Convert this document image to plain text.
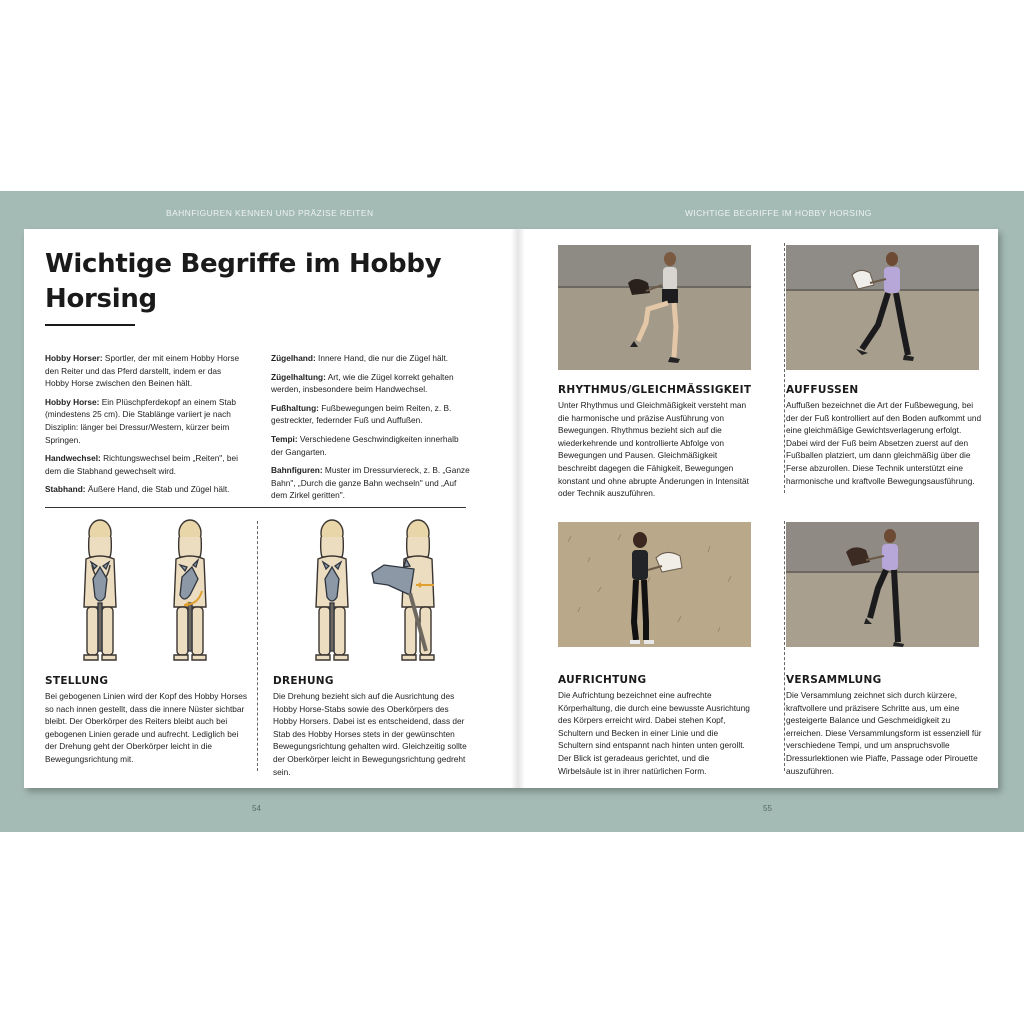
BAHNFIGUREN KENNEN UND PRÄZISE REITEN	WICHTIGE BEGRIFFE IM HOBBY HORSING
54	55
Wichtige Begriffe im Hobby Horsing

Hobby Horser: Sportler, der mit einem Hobby Horse den Reiter und das Pferd darstellt, indem er das Hobby Horse zwischen den Beinen hält.

Hobby Horse: Ein Plüschpferdekopf an einem Stab (mindestens 25 cm). Die Stablänge variiert je nach Disziplin: länger bei Dressur/Western, kürzer beim Springen.

Handwechsel: Richtungswechsel beim „Reiten", bei dem die Stabhand gewechselt wird.

Stabhand: Äußere Hand, die Stab und Zügel hält.

Zügelhand: Innere Hand, die nur die Zügel hält.

Zügelhaltung: Art, wie die Zügel korrekt gehalten werden, insbesondere beim Handwechsel.

Fußhaltung: Fußbewegungen beim Reiten, z. B. gestreckter, federnder Fuß und Auffußen.

Tempi: Verschiedene Geschwindigkeiten innerhalb der Gangarten.

Bahnfiguren: Muster im Dressurviereck, z. B. „Ganze Bahn", „Durch die ganze Bahn wechseln" und „Auf dem Zirkel geritten".

STELLUNG

Bei gebogenen Linien wird der Kopf des Hobby Horses so nach innen gestellt, dass die innere Nüster sichtbar bleibt. Der Oberkörper des Reiters bleibt auch bei gebogenen Linien gerade und aufrecht. Lediglich bei der Drehung geht der Oberkörper leicht in die Bewegungsrichtung mit.

DREHUNG

Die Drehung bezieht sich auf die Ausrichtung des Hobby Horse-Stabs sowie des Oberkörpers des Hobby Horsers. Dabei ist es entscheidend, dass der Stab des Hobby Horses stets in der gewünschten Bewegungsrichtung gehalten wird. Gleichzeitig sollte der Oberkörper leicht in Bewegungsrichtung gedreht sein.

RHYTHMUS/GLEICHMÄSSIGKEIT

Unter Rhythmus und Gleichmäßigkeit versteht man die harmonische und präzise Ausführung von Bewegungen. Rhythmus bezieht sich auf die wiederkehrende und kontrollierte Abfolge von Bewegungen und Pausen. Gleichmäßigkeit beschreibt dagegen die Fähigkeit, Bewegungen konstant und ohne abrupte Änderungen in Intensität oder Technik auszuführen.

AUFFUSSEN

Auffußen bezeichnet die Art der Fußbewegung, bei der der Fuß kontrolliert auf den Boden aufkommt und eine gleichmäßige Gewichtsverlagerung erfolgt. Dabei wird der Fuß beim Absetzen zuerst auf den Fußballen platziert, um dann gleichmäßig über die Ferse abzurollen. Diese Technik unterstützt eine harmonische und kraftvolle Bewegungsausführung.

AUFRICHTUNG

Die Aufrichtung bezeichnet eine aufrechte Körperhaltung, die durch eine bewusste Ausrichtung des Körpers erreicht wird. Dabei stehen Kopf, Schultern und Becken in einer Linie und die Schultern sind entspannt nach hinten unten gerollt. Der Blick ist geradeaus gerichtet, und die Wirbelsäule ist in ihrer natürlichen Form.

VERSAMMLUNG

Die Versammlung zeichnet sich durch kürzere, kraftvollere und präzisere Schritte aus, um eine gesteigerte Balance und Geschmeidigkeit zu erreichen. Diese Versammlungsform ist essenziell für verschiedene Tempi, und um anspruchsvolle Dressurlektionen wie Piaffe, Passage oder Pirouette auszuführen.
